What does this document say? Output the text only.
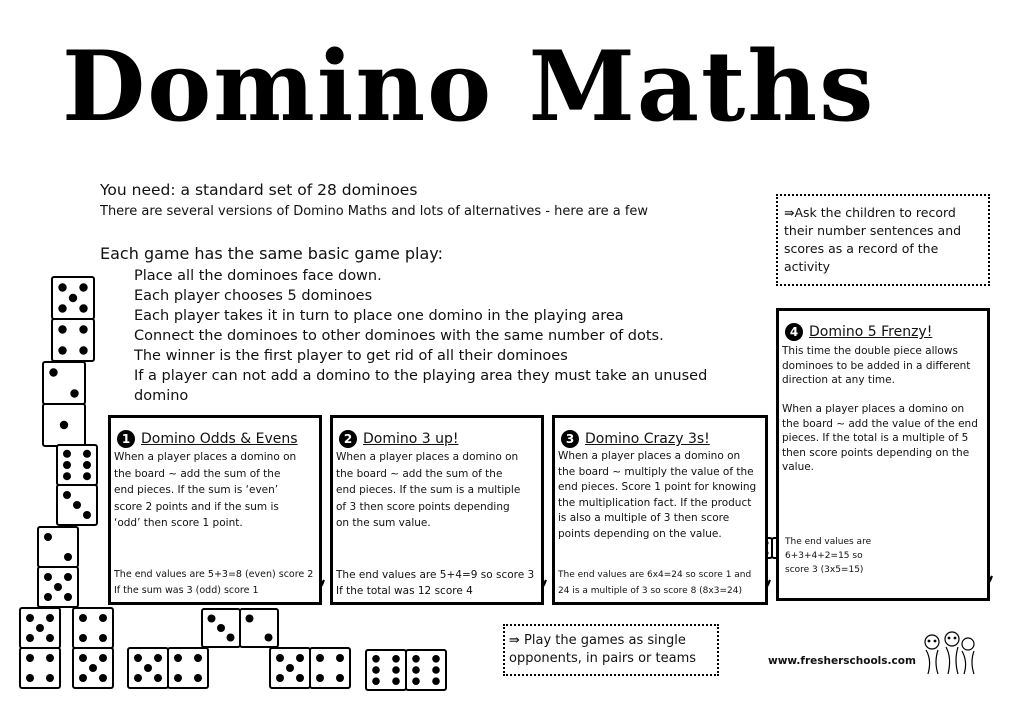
Domino Maths
You need: a standard set of 28 dominoes
There are several versions of Domino Maths and lots of alternatives - here are a few
Each game has the same basic game play:
Place all the dominoes face down.
Each player chooses 5 dominoes
Each player takes it in turn to place one domino in the playing area
Connect the dominoes to other dominoes with the same number of dots.
The winner is the first player to get rid of all their dominoes
If a player can not add a domino to the playing area they must take an unused
domino
⇛Ask the children to record
their number sentences and
scores as a record of the
activity
1 Domino Odds & Evens
When a player places a domino on
the board ~ add the sum of the
end pieces. If the sum is ‘even’
score 2 points and if the sum is
‘odd’ then score 1 point.
The end values are 5+3=8 (even) score 2
If the sum was 3 (odd) score 1
2 Domino 3 up!
When a player places a domino on
the board ~ add the sum of the
end pieces. If the sum is a multiple
of 3 then score points depending
on the sum value.
The end values are 5+4=9 so score 3
If the total was 12 score 4
3 Domino Crazy 3s!
When a player places a domino on
the board ~ multiply the value of the
end pieces. Score 1 point for knowing
the multiplication fact. If the product
is also a multiple of 3 then score
points depending on the value.
The end values are 6x4=24 so score 1 and
24 is a multiple of 3 so score 8 (8x3=24)
4 Domino 5 Frenzy!
This time the double piece allows
dominoes to be added in a different
direction at any time.

When a player places a domino on
the board ~ add the value of the end
pieces. If the total is a multiple of 5
then score points depending on the
value.
The end values are
6+3+4+2=15 so
score 3 (3x5=15)
⇛ Play the games as single
opponents, in pairs or teams	www.fresherschools.com
